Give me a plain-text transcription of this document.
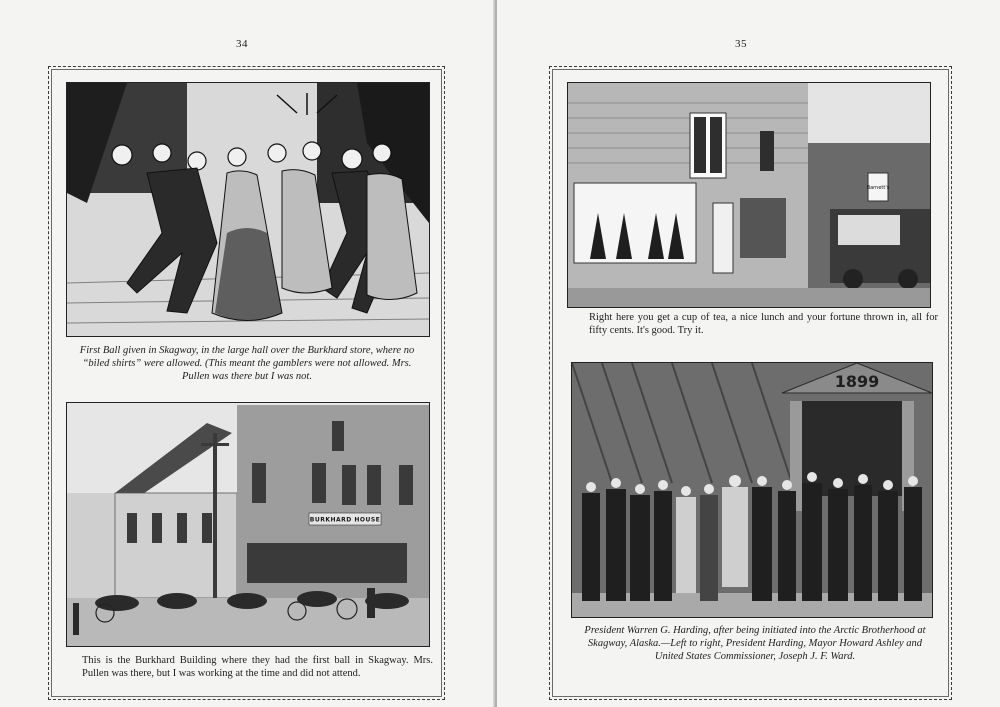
34

First Ball given in Skagway, in the large hall over the Burkhard store, where no “biled shirts” were allowed. (This meant the gamblers were not allowed. Mrs. Pullen was there but I was not.

BURKHARD HOUSE

This is the Burkhard Building where they had the first ball in Skagway. Mrs. Pullen was there, but I was working at the time and did not attend.

35
Barnett's

Right here you get a cup of tea, a nice lunch and your fortune thrown in, all for fifty cents. It's good. Try it.

1899

President Warren G. Harding, after being initiated into the Arctic Brotherhood at Skagway, Alaska.—Left to right, President Harding, Mayor Howard Ashley and United States Commissioner, Joseph J. F. Ward.
